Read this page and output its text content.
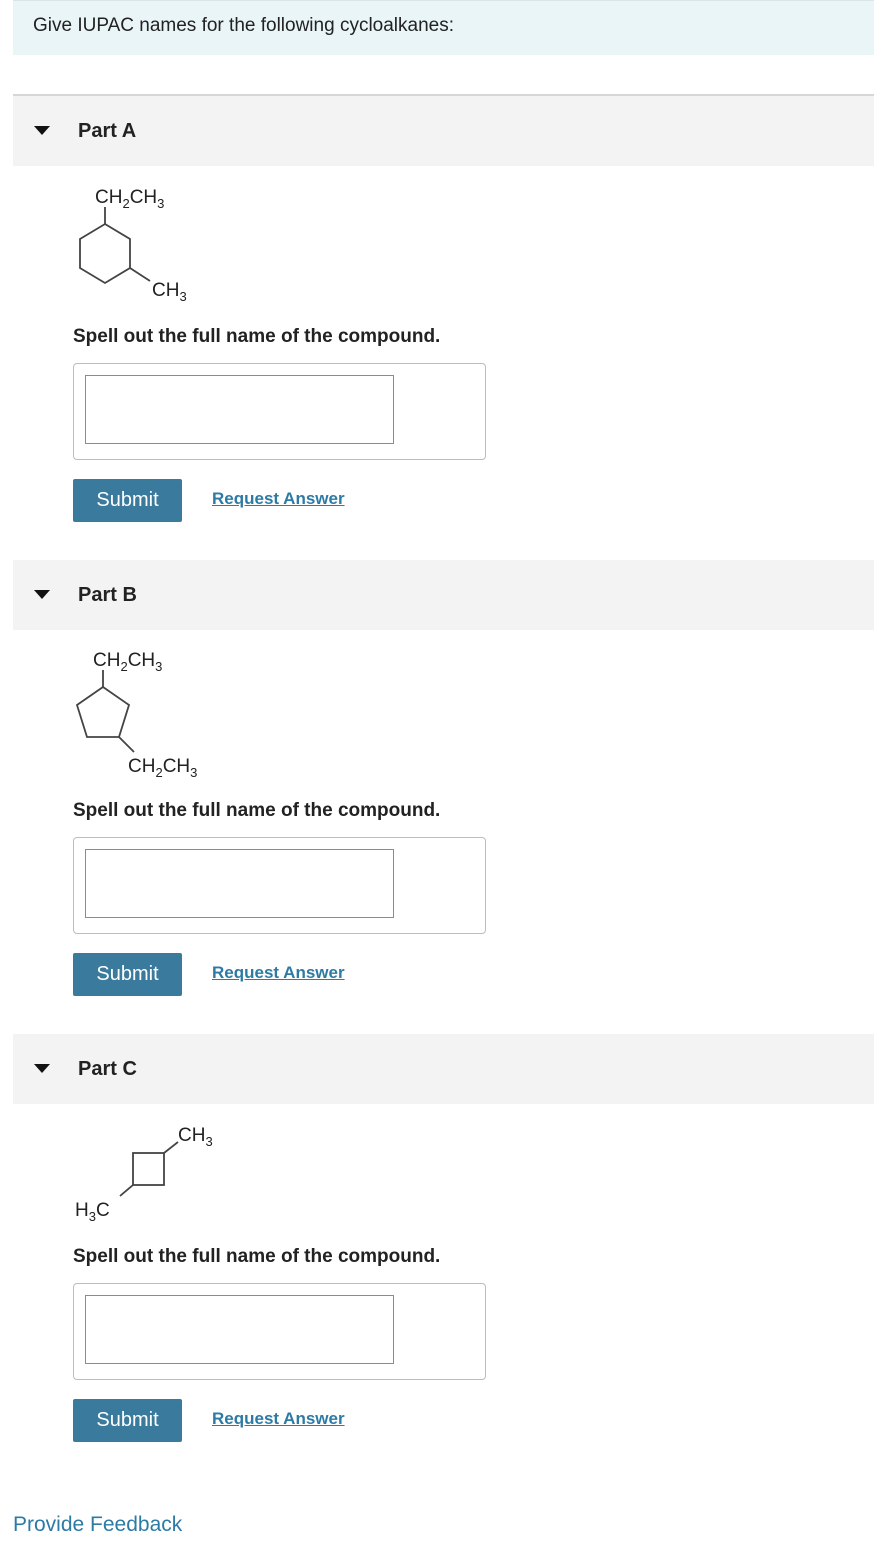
Give IUPAC names for the following cycloalkanes:
Part A
$CH_2CH_3$
$CH_3$
Spell out the full name of the compound.
Submit	Request Answer
Part B
$CH_2CH_3$
$CH_2CH_3$
Spell out the full name of the compound.
Submit	Request Answer
Part C
$CH_3$
$H_3C$
Spell out the full name of the compound.
Submit	Request Answer
Provide Feedback
